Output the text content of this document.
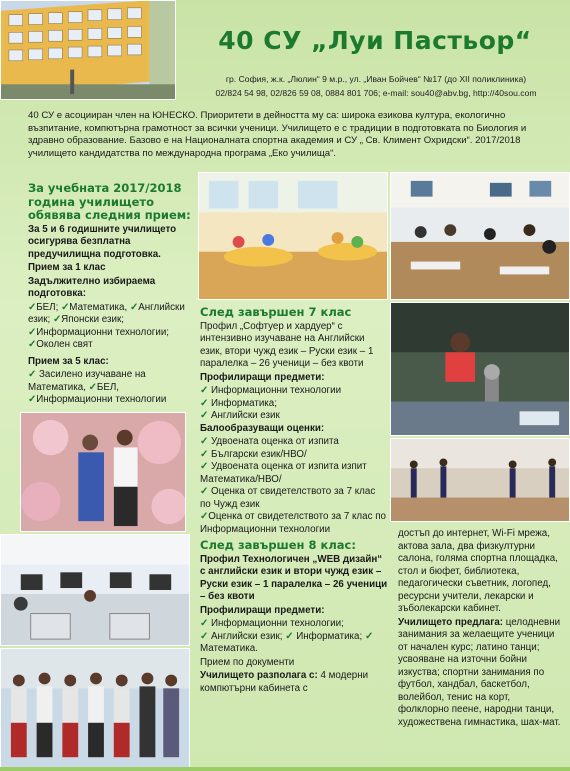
40 СУ „Луи Пастьор“
гр. София, ж.к. „Люлин“ 9 м.р., ул. „Иван Бойчев“ №17 (до XII поликлиника)
02/824 54 98, 02/826 59 08, 0884 801 706; e-mail: sou40@abv.bg, http://40sou.com
40 СУ е асоцииран член на ЮНЕСКО. Приоритети в дейността му са: широка езикова култура, екологично възпитание, компютърна грамотност за всички ученици. Училището е с традиции в подготовката по Биология и здравно образование. Базово е на Националната спортна академия и СУ „ Св. Климент Охридски“. 2017/2018 училището кандидатства по международна програма „Еко училища“.

За учебната 2017/2018 година училището обявява следния прием:

За 5 и 6 годишните училището осигурява безплатна предучилищна подготовка.

Прием за 1 клас

Задължително избираема подготовка:

✓БЕЛ; ✓Математика, ✓Английски език; ✓Японски език; ✓Информационни технологии; ✓Околен свят

Прием за 5 клас:

✓ Засилено изучаване на Математика, ✓БЕЛ, ✓Информационни технологии

След завършен 7 клас

Профил „Софтуер и хардуер“ с интензивно изучаване на Английски език, втори чужд език – Руски език – 1 паралелка – 26 ученици – без квоти

Профилиращи предмети:

✓ Информационни технологии
✓ Информатика;
✓ Английски език

Балообразуващи оценки:

✓ Удвоената оценка от изпита
✓ Български език/НВО/
✓ Удвоената оценка от изпита изпит Математика/НВО/
✓ Оценка от свидетелството за 7 клас по Чужд език
✓Оценка от свидетелството за 7 клас по Информационни технологии

След завършен 8 клас:

Профил Технологичен „WEB дизайн“ с английски език и втори чужд език – Руски език – 1 паралелка – 26 ученици – без квоти

Профилиращи предмети:

✓ Информационни технологии;
✓ Английски език; ✓ Информатика; ✓ Математика.

Прием по документи

Училището разполага с: 4 модерни компютърни кабинета с

достъп до интернет, Wi-Fi мрежа, актова зала, два физкултурни салона, голяма спортна площадка, стол и бюфет, библиотека, педагогически съветник, логопед, ресурсни учители, лекарски и зъболекарски кабинет.

Училището предлага: целодневни занимания за желаещите ученици от начален курс; латино танци; усвояване на източни бойни изкуства; спортни занимания по футбол, хандбал, баскетбол, волейбол, тенис на корт, фолклорно пеене, народни танци, художествена гимнастика, шах-мат.
